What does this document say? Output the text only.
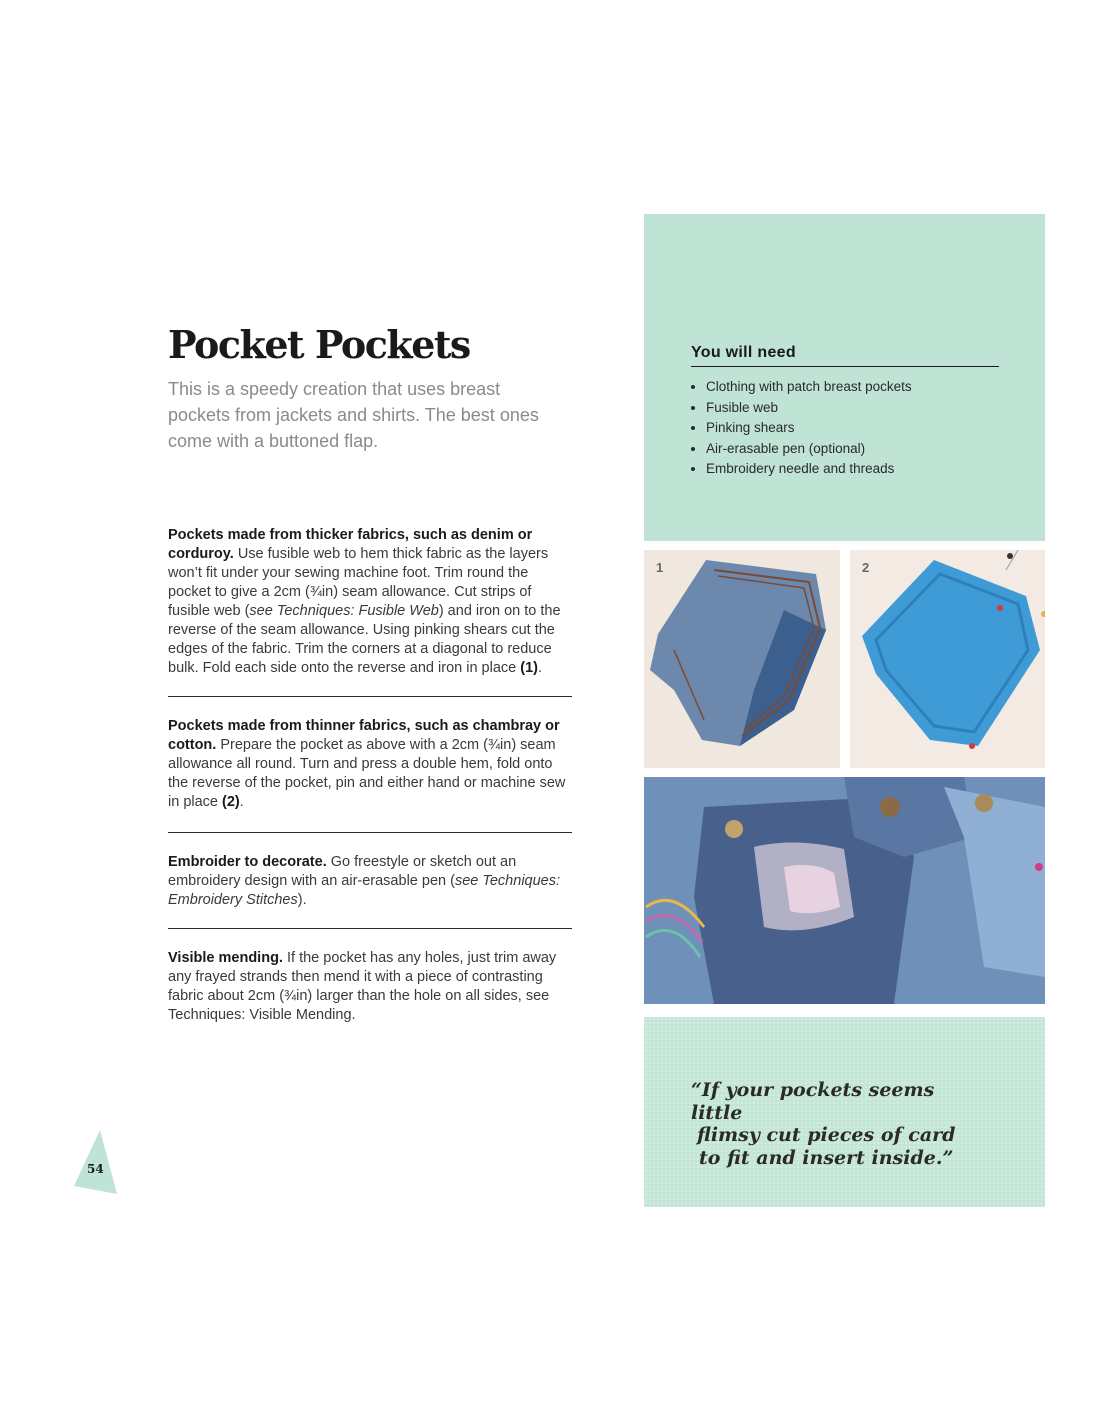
Pocket Pockets

This is a speedy creation that uses breast pockets from jackets and shirts. The best ones come with a buttoned flap.

Pockets made from thicker fabrics, such as denim or corduroy. Use fusible web to hem thick fabric as the layers won’t fit under your sewing machine foot. Trim round the pocket to give a 2cm (¾in) seam allowance. Cut strips of fusible web (see Techniques: Fusible Web) and iron on to the reverse of the seam allowance. Using pinking shears cut the edges of the fabric. Trim the corners at a diagonal to reduce bulk. Fold each side onto the reverse and iron in place (1).
Pockets made from thinner fabrics, such as chambray or cotton. Prepare the pocket as above with a 2cm (¾in) seam allowance all round. Turn and press a double hem, fold onto the reverse of the pocket, pin and either hand or machine sew in place (2).
Embroider to decorate. Go freestyle or sketch out an embroidery design with an air-erasable pen (see Techniques: Embroidery Stitches).
Visible mending. If the pocket has any holes, just trim away any frayed strands then mend it with a piece of contrasting fabric about 2cm (¾in) larger than the hole on all sides, see Techniques: Visible Mending.
You will need
• Clothing with patch breast pockets
• Fusible web
• Pinking shears
• Air-erasable pen (optional)
• Embroidery needle and threads
1	2

“If your pockets seems little
flimsy cut pieces of card
to fit and insert inside.”

54
